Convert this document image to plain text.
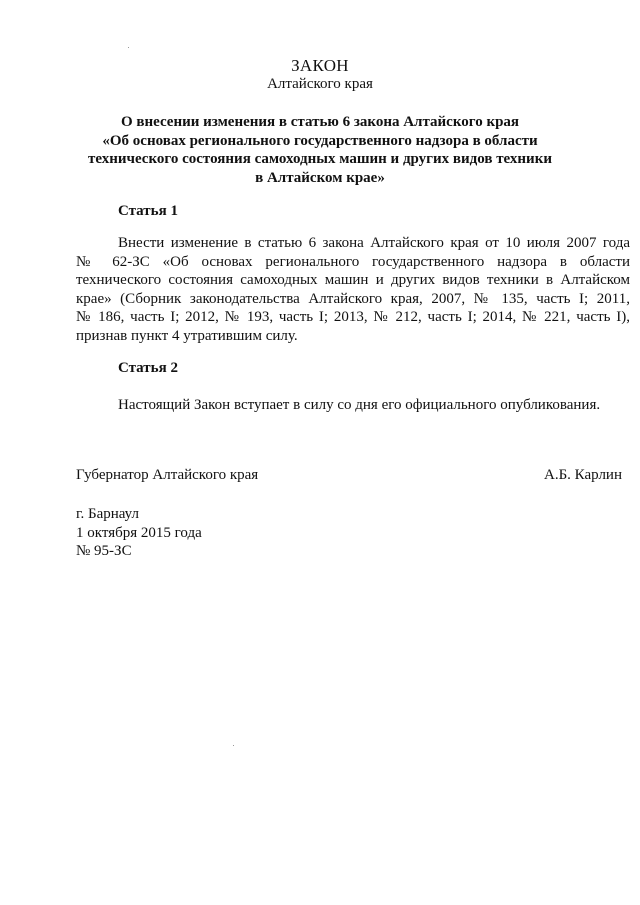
ЗАКОН
Алтайского края
О внесении изменения в статью 6 закона Алтайского края
«Об основах регионального государственного надзора в области
технического состояния самоходных машин и других видов техники
в Алтайском крае»
Статья 1
Внести изменение в статью 6 закона Алтайского края от 10 июля 2007 года
№ 62-ЗС «Об основах регионального государственного надзора в области
технического состояния самоходных машин и других видов техники в Алтайском
крае» (Сборник законодательства Алтайского края, 2007, № 135, часть I; 2011,
№ 186, часть I; 2012, № 193, часть I; 2013, № 212, часть I; 2014, № 221, часть I),
признав пункт 4 утратившим силу.
Статья 2
Настоящий Закон вступает в силу со дня его официального опубликования.
Губернатор Алтайского края	А.Б. Карлин
г. Барнаул
1 октября 2015 года
№ 95-ЗС
